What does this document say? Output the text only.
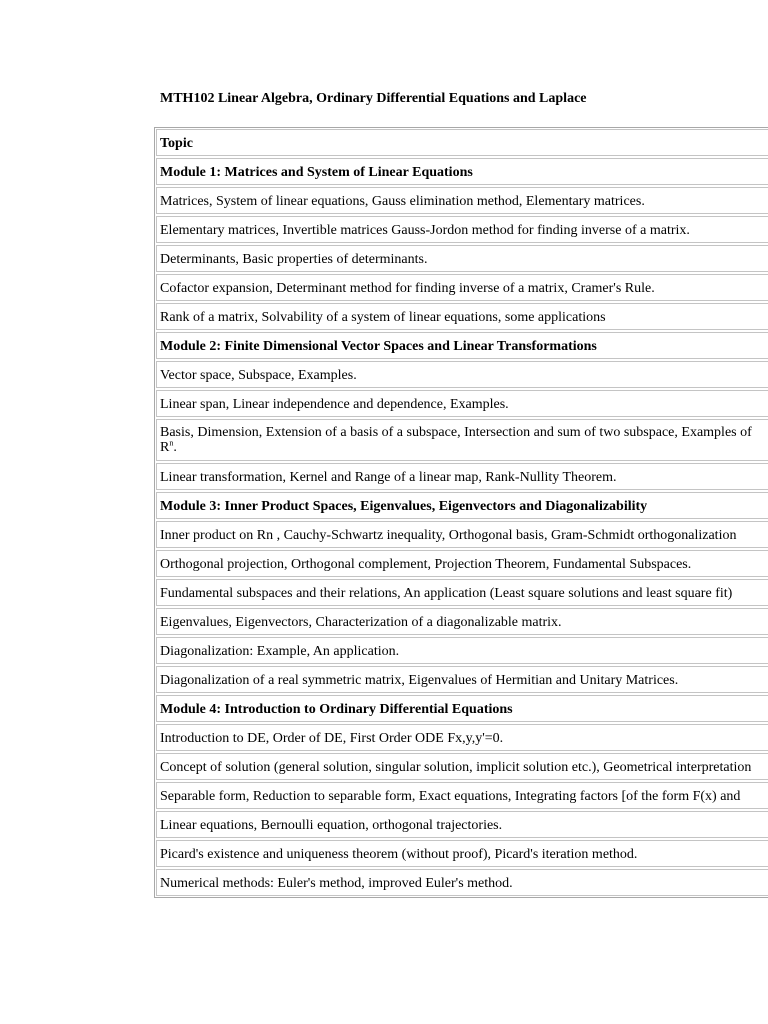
MTH102 Linear Algebra, Ordinary Differential Equations and Laplace
Topic
Module 1: Matrices and System of Linear Equations
Matrices, System of linear equations, Gauss elimination method, Elementary matrices.
Elementary matrices, Invertible matrices Gauss-Jordon method for finding inverse of a matrix.
Determinants, Basic properties of determinants.
Cofactor expansion, Determinant method for finding inverse of a matrix, Cramer's Rule.
Rank of a matrix, Solvability of a system of linear equations, some applications
Module 2: Finite Dimensional Vector Spaces and Linear Transformations
Vector space, Subspace, Examples.
Linear span, Linear independence and dependence, Examples.
Basis, Dimension, Extension of a basis of a subspace, Intersection and sum of two subspace, Examples of $R^n$.
Linear transformation, Kernel and Range of a linear map, Rank-Nullity Theorem.
Module 3: Inner Product Spaces, Eigenvalues, Eigenvectors and Diagonalizability
Inner product on Rn , Cauchy-Schwartz inequality, Orthogonal basis, Gram-Schmidt orthogonalization
Orthogonal projection, Orthogonal complement, Projection Theorem, Fundamental Subspaces.
Fundamental subspaces and their relations, An application (Least square solutions and least square fit)
Eigenvalues, Eigenvectors, Characterization of a diagonalizable matrix.
Diagonalization: Example, An application.
Diagonalization of a real symmetric matrix, Eigenvalues of Hermitian and Unitary Matrices.
Module 4: Introduction to Ordinary Differential Equations
Introduction to DE, Order of DE, First Order ODE Fx,y,y'=0.
Concept of solution (general solution, singular solution, implicit solution etc.), Geometrical interpretation
Separable form, Reduction to separable form, Exact equations, Integrating factors [of the form F(x) and
Linear equations, Bernoulli equation, orthogonal trajectories.
Picard's existence and uniqueness theorem (without proof), Picard's iteration method.
Numerical methods: Euler's method, improved Euler's method.
